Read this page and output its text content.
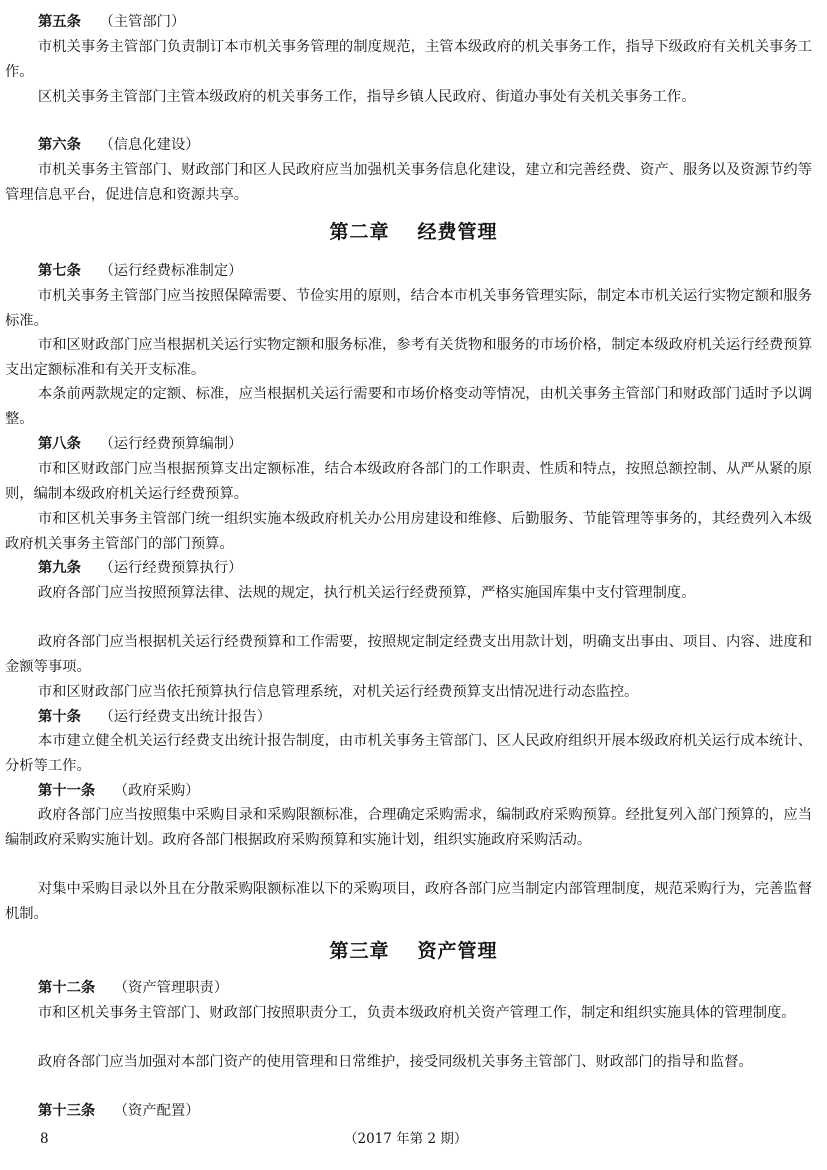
第五条 （主管部门）

市机关事务主管部门负责制订本市机关事务管理的制度规范，主管本级政府的机关事务工作，指导下级政府有关机关事务工作。

区机关事务主管部门主管本级政府的机关事务工作，指导乡镇人民政府、街道办事处有关机关事务工作。

第六条 （信息化建设）

市机关事务主管部门、财政部门和区人民政府应当加强机关事务信息化建设，建立和完善经费、资产、服务以及资源节约等管理信息平台，促进信息和资源共享。

第二章 经费管理
第七条 （运行经费标准制定）

市机关事务主管部门应当按照保障需要、节俭实用的原则，结合本市机关事务管理实际，制定本市机关运行实物定额和服务标准。

市和区财政部门应当根据机关运行实物定额和服务标准，参考有关货物和服务的市场价格，制定本级政府机关运行经费预算支出定额标准和有关开支标准。

本条前两款规定的定额、标准，应当根据机关运行需要和市场价格变动等情况，由机关事务主管部门和财政部门适时予以调整。

第八条 （运行经费预算编制）

市和区财政部门应当根据预算支出定额标准，结合本级政府各部门的工作职责、性质和特点，按照总额控制、从严从紧的原则，编制本级政府机关运行经费预算。

市和区机关事务主管部门统一组织实施本级政府机关办公用房建设和维修、后勤服务、节能管理等事务的，其经费列入本级政府机关事务主管部门的部门预算。

第九条 （运行经费预算执行）

政府各部门应当按照预算法律、法规的规定，执行机关运行经费预算，严格实施国库集中支付管理制度。

政府各部门应当根据机关运行经费预算和工作需要，按照规定制定经费支出用款计划，明确支出事由、项目、内容、进度和金额等事项。

市和区财政部门应当依托预算执行信息管理系统，对机关运行经费预算支出情况进行动态监控。

第十条 （运行经费支出统计报告）

本市建立健全机关运行经费支出统计报告制度，由市机关事务主管部门、区人民政府组织开展本级政府机关运行成本统计、分析等工作。

第十一条 （政府采购）

政府各部门应当按照集中采购目录和采购限额标准，合理确定采购需求，编制政府采购预算。经批复列入部门预算的，应当编制政府采购实施计划。政府各部门根据政府采购预算和实施计划，组织实施政府采购活动。

对集中采购目录以外且在分散采购限额标准以下的采购项目，政府各部门应当制定内部管理制度，规范采购行为，完善监督机制。

第三章 资产管理
第十二条 （资产管理职责）

市和区机关事务主管部门、财政部门按照职责分工，负责本级政府机关资产管理工作，制定和组织实施具体的管理制度。

政府各部门应当加强对本部门资产的使用管理和日常维护，接受同级机关事务主管部门、财政部门的指导和监督。

第十三条 （资产配置）
8	（2017 年第 2 期）
